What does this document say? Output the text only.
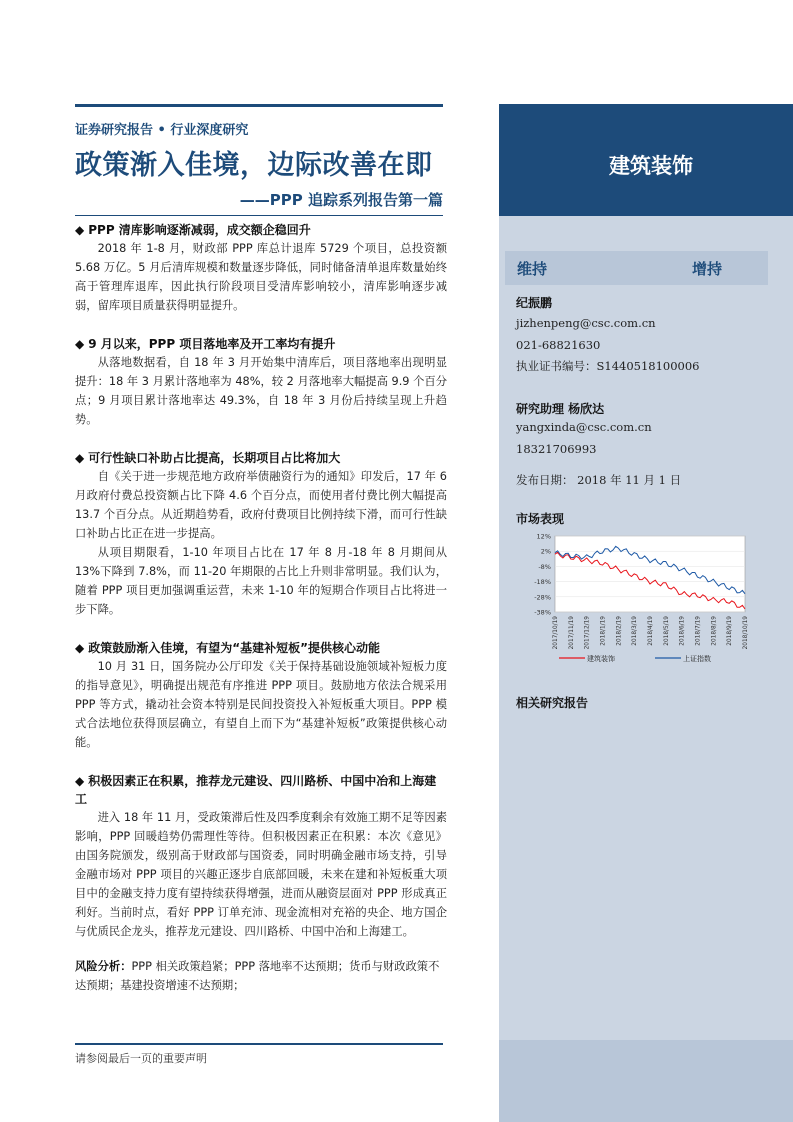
证券研究报告 • 行业深度研究
政策渐入佳境，边际改善在即
——PPP 追踪系列报告第一篇
◆ PPP 清库影响逐渐减弱，成交额企稳回升

2018 年 1-8 月，财政部 PPP 库总计退库 5729 个项目，总投资额 5.68 万亿。5 月后清库规模和数量逐步降低，同时储备清单退库数量始终高于管理库退库，因此执行阶段项目受清库影响较小，清库影响逐步减弱，留库项目质量获得明显提升。

◆ 9 月以来，PPP 项目落地率及开工率均有提升

从落地数据看，自 18 年 3 月开始集中清库后，项目落地率出现明显提升：18 年 3 月累计落地率为 48%，较 2 月落地率大幅提高 9.9 个百分点；9 月项目累计落地率达 49.3%，自 18 年 3 月份后持续呈现上升趋势。

◆ 可行性缺口补助占比提高，长期项目占比将加大

自《关于进一步规范地方政府举债融资行为的通知》印发后，17 年 6 月政府付费总投资额占比下降 4.6 个百分点，而使用者付费比例大幅提高 13.7 个百分点。从近期趋势看，政府付费项目比例持续下滑，而可行性缺口补助占比正在进一步提高。

从项目期限看，1-10 年项目占比在 17 年 8 月-18 年 8 月期间从 13%下降到 7.8%，而 11-20 年期限的占比上升则非常明显。我们认为，随着 PPP 项目更加强调重运营，未来 1-10 年的短期合作项目占比将进一步下降。

◆ 政策鼓励渐入佳境，有望为“基建补短板”提供核心动能

10 月 31 日，国务院办公厅印发《关于保持基础设施领域补短板力度的指导意见》，明确提出规范有序推进 PPP 项目。鼓励地方依法合规采用 PPP 等方式，撬动社会资本特别是民间投资投入补短板重大项目。PPP 模式合法地位获得顶层确立，有望自上而下为“基建补短板”政策提供核心动能。

◆ 积极因素正在积累，推荐龙元建设、四川路桥、中国中冶和上海建工

进入 18 年 11 月，受政策滞后性及四季度剩余有效施工期不足等因素影响，PPP 回暖趋势仍需理性等待。但积极因素正在积累：本次《意见》由国务院颁发，级别高于财政部与国资委，同时明确金融市场支持，引导金融市场对 PPP 项目的兴趣正逐步自底部回暖，未来在建和补短板重大项目中的金融支持力度有望持续获得增强，进而从融资层面对 PPP 形成真正利好。当前时点，看好 PPP 订单充沛、现金流相对充裕的央企、地方国企与优质民企龙头，推荐龙元建设、四川路桥、中国中冶和上海建工。

风险分析：PPP 相关政策趋紧；PPP 落地率不达预期；货币与财政政策不达预期；基建投资增速不达预期；
请参阅最后一页的重要声明
建筑装饰
维持	增持
纪振鹏
jizhenpeng@csc.com.cn
021-68821630
执业证书编号：S1440518100006
研究助理 杨欣达
yangxinda@csc.com.cn
18321706993
发布日期： 2018 年 11 月 1 日
市场表现
12%
2%
-8%
-18%
-28%
-38%
2017/10/19 2017/11/19 2017/12/19 2018/1/19 2018/2/19 2018/3/19 2018/4/19 2018/5/19 2018/6/19 2018/7/19 2018/8/19 2018/9/19 2018/10/19
建筑装饰	上证指数
相关研究报告
